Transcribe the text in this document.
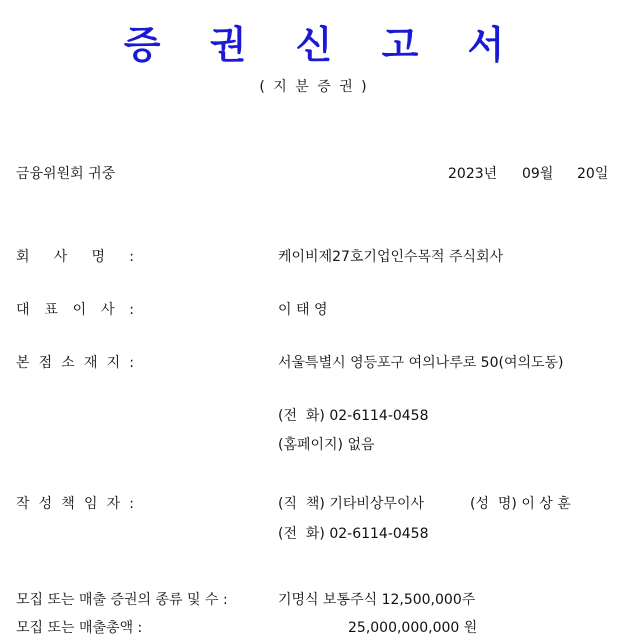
증 권 신 고 서
( 지 분 증 권 )
금융위원회 귀중	2023년 09월 20일
회 사 명 :	케이비제27호기업인수목적 주식회사
대 표 이 사 :	이 태 영
본 점 소 재 지 :	서울특별시 영등포구 여의나루로 50(여의도동)
(전  화) 02-6114-0458
(홈페이지) 없음
작 성 책 임 자 :	(직  책) 기타비상무이사	(성  명) 이 상 훈
(전  화) 02-6114-0458
모집 또는 매출 증권의 종류 및 수 :	기명식 보통주식 12,500,000주
모집 또는 매출총액 :	25,000,000,000 원
